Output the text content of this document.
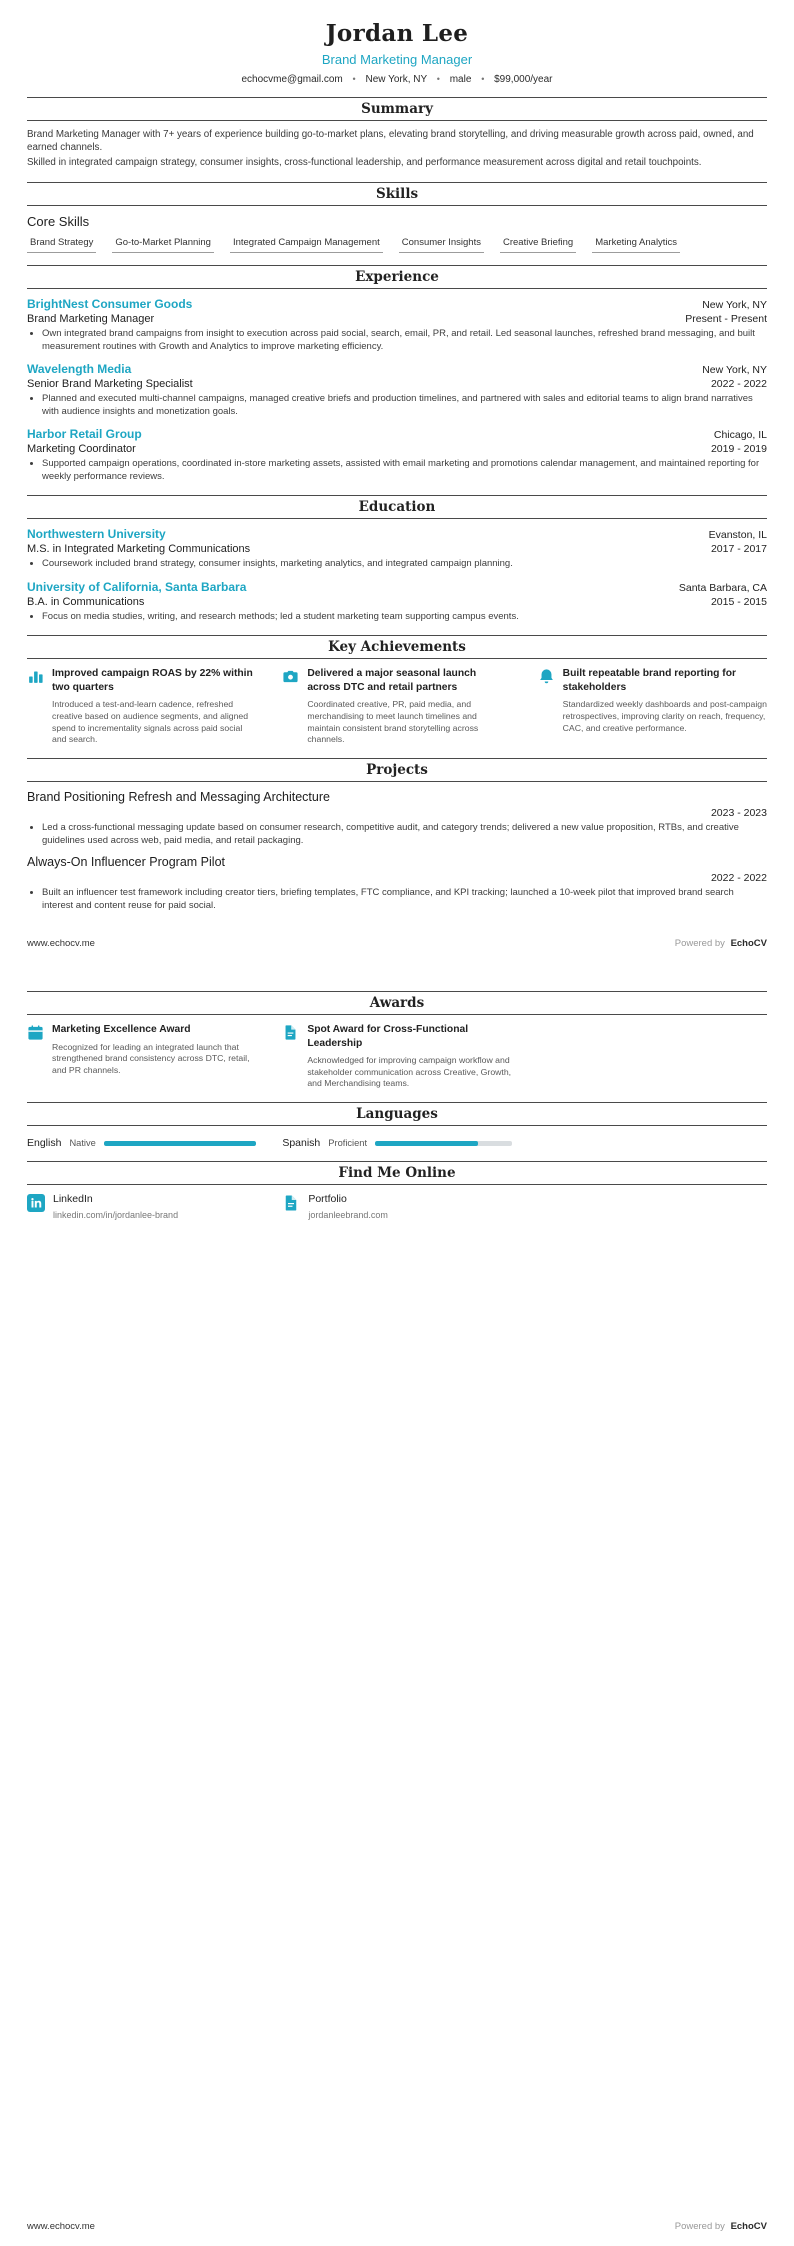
Jordan Lee
Brand Marketing Manager
echocvme@gmail.com • New York, NY • male • $99,000/year
Summary

Brand Marketing Manager with 7+ years of experience building go-to-market plans, elevating brand storytelling, and driving measurable growth across paid, owned, and earned channels.

Skilled in integrated campaign strategy, consumer insights, cross-functional leadership, and performance measurement across digital and retail touchpoints.

Skills
Core Skills
Brand Strategy	Go-to-Market Planning	Integrated Campaign Management	Consumer Insights	Creative Briefing	Marketing Analytics
Experience
BrightNest Consumer Goods	New York, NY
Brand Marketing Manager	Present - Present
• Own integrated brand campaigns from insight to execution across paid social, search, email, PR, and retail. Led seasonal launches, refreshed brand messaging, and built measurement routines with Growth and Analytics to improve marketing efficiency.
Wavelength Media	New York, NY
Senior Brand Marketing Specialist	2022 - 2022
• Planned and executed multi-channel campaigns, managed creative briefs and production timelines, and partnered with sales and editorial teams to align brand narratives with audience insights and monetization goals.
Harbor Retail Group	Chicago, IL
Marketing Coordinator	2019 - 2019
• Supported campaign operations, coordinated in-store marketing assets, assisted with email marketing and promotions calendar management, and maintained reporting for weekly performance reviews.
Education
Northwestern University	Evanston, IL
M.S. in Integrated Marketing Communications	2017 - 2017
• Coursework included brand strategy, consumer insights, marketing analytics, and integrated campaign planning.
University of California, Santa Barbara	Santa Barbara, CA
B.A. in Communications	2015 - 2015
• Focus on media studies, writing, and research methods; led a student marketing team supporting campus events.
Key Achievements
Improved campaign ROAS by 22% within two quarters
Introduced a test-and-learn cadence, refreshed creative based on audience segments, and aligned spend to incrementality signals across paid social and search.
Delivered a major seasonal launch across DTC and retail partners
Coordinated creative, PR, paid media, and merchandising to meet launch timelines and maintain consistent brand storytelling across channels.
Built repeatable brand reporting for stakeholders
Standardized weekly dashboards and post-campaign retrospectives, improving clarity on reach, frequency, CAC, and creative performance.
Projects
Brand Positioning Refresh and Messaging Architecture
2023 - 2023
• Led a cross-functional messaging update based on consumer research, competitive audit, and category trends; delivered a new value proposition, RTBs, and creative guidelines used across web, paid media, and retail packaging.
Always-On Influencer Program Pilot
2022 - 2022
• Built an influencer test framework including creator tiers, briefing templates, FTC compliance, and KPI tracking; launched a 10-week pilot that improved brand search interest and content reuse for paid social.
www.echocv.me	Powered by EchoCV
Awards
Marketing Excellence Award
Recognized for leading an integrated launch that strengthened brand consistency across DTC, retail, and PR channels.
Spot Award for Cross-Functional Leadership
Acknowledged for improving campaign workflow and stakeholder communication across Creative, Growth, and Merchandising teams.
Languages
English Native	Spanish Proficient
Find Me Online
LinkedIn
linkedin.com/in/jordanlee-brand
Portfolio
jordanleebrand.com
www.echocv.me	Powered by EchoCV
